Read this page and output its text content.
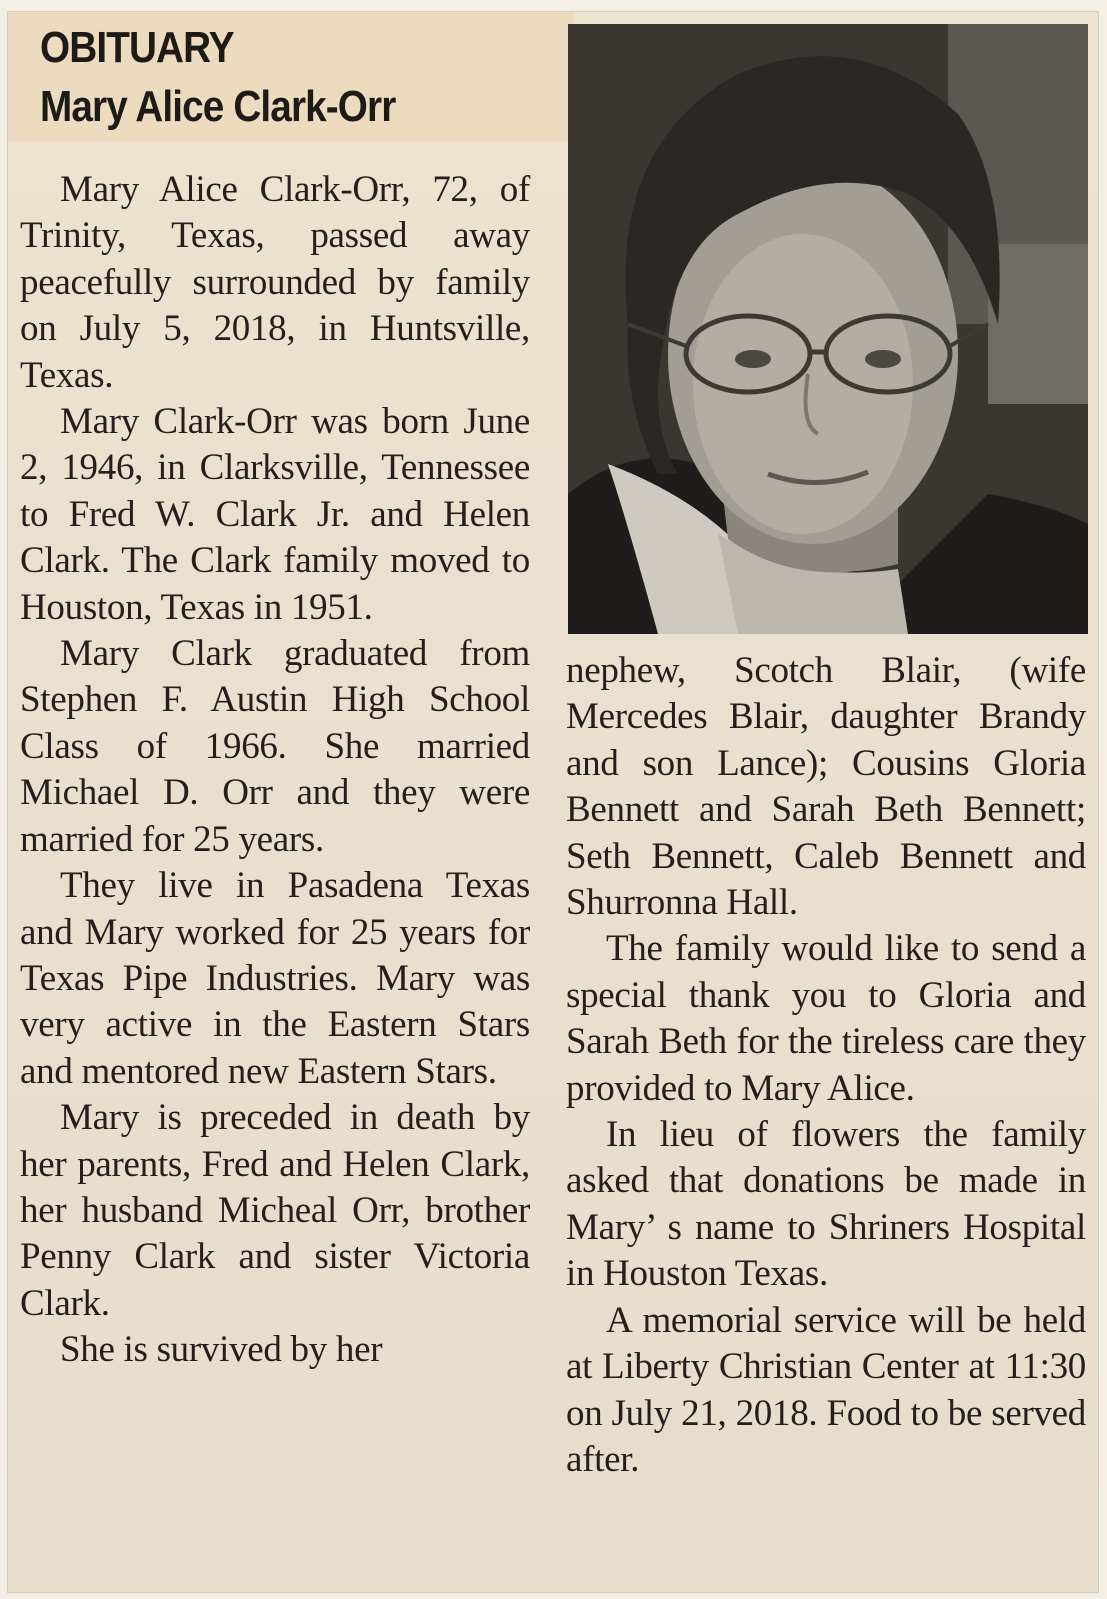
OBITUARY
Mary Alice Clark-Orr

Mary Alice Clark-Orr, 72, of Trinity, Texas, passed away peacefully surrounded by family on July 5, 2018, in Huntsville, Texas.

Mary Clark-Orr was born June 2, 1946, in Clarksville, Tennessee to Fred W. Clark Jr. and Helen Clark. The Clark family moved to Houston, Texas in 1951.

Mary Clark graduated from Stephen F. Austin High School Class of 1966. She married Michael D. Orr and they were married for 25 years.

They live in Pasadena Texas and Mary worked for 25 years for Texas Pipe Industries. Mary was very active in the Eastern Stars and mentored new Eastern Stars.

Mary is preceded in death by her parents, Fred and Helen Clark, her husband Micheal Orr, brother Penny Clark and sister Victoria Clark.

She is survived by her

nephew, Scotch Blair, (wife Mercedes Blair, daughter Brandy and son Lance); Cousins Gloria Bennett and Sarah Beth Bennett; Seth Bennett, Caleb Bennett and Shurronna Hall.

The family would like to send a special thank you to Gloria and Sarah Beth for the tireless care they provided to Mary Alice.

In lieu of flowers the family asked that donations be made in Mary’ s name to Shriners Hospital in Houston Texas.

A memorial service will be held at Liberty Christian Center at 11:30 on July 21, 2018. Food to be served after.
